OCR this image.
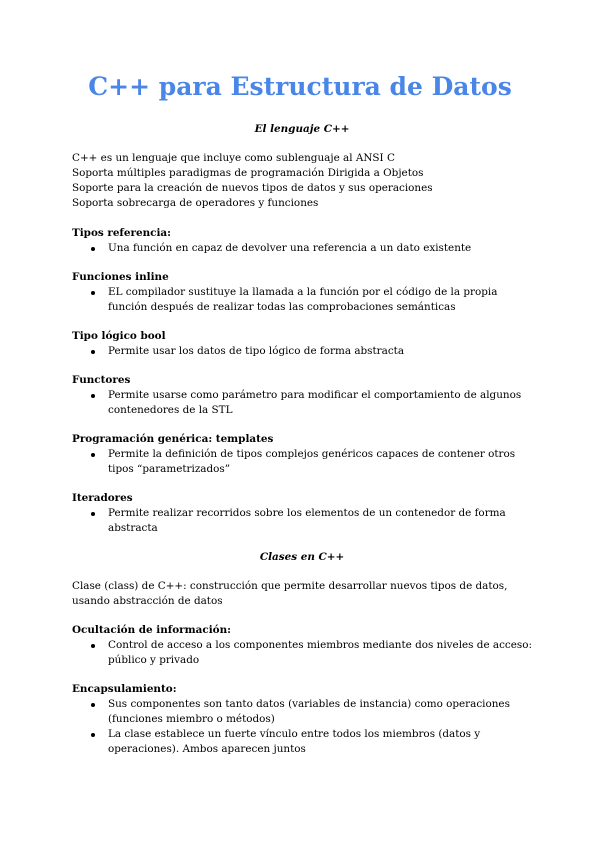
C++ para Estructura de Datos

El lenguaje C++

C++ es un lenguaje que incluye como sublenguaje al ANSI C

Soporta múltiples paradigmas de programación Dirigida a Objetos

Soporte para la creación de nuevos tipos de datos y sus operaciones

Soporta sobrecarga de operadores y funciones

Tipos referencia:

Una función en capaz de devolver una referencia a un dato existente

Funciones inline

EL compilador sustituye la llamada a la función por el código de la propia función después de realizar todas las comprobaciones semánticas

Tipo lógico bool

Permite usar los datos de tipo lógico de forma abstracta

Functores

Permite usarse como parámetro para modificar el comportamiento de algunos contenedores de la STL

Programación genérica: templates

Permite la definición de tipos complejos genéricos capaces de contener otros tipos “parametrizados”

Iteradores

Permite realizar recorridos sobre los elementos de un contenedor de forma abstracta

Clases en C++

Clase (class) de C++: construcción que permite desarrollar nuevos tipos de datos, usando abstracción de datos

Ocultación de información:

Control de acceso a los componentes miembros mediante dos niveles de acceso: público y privado

Encapsulamiento:

Sus componentes son tanto datos (variables de instancia) como operaciones (funciones miembro o métodos)
La clase establece un fuerte vínculo entre todos los miembros (datos y operaciones). Ambos aparecen juntos
